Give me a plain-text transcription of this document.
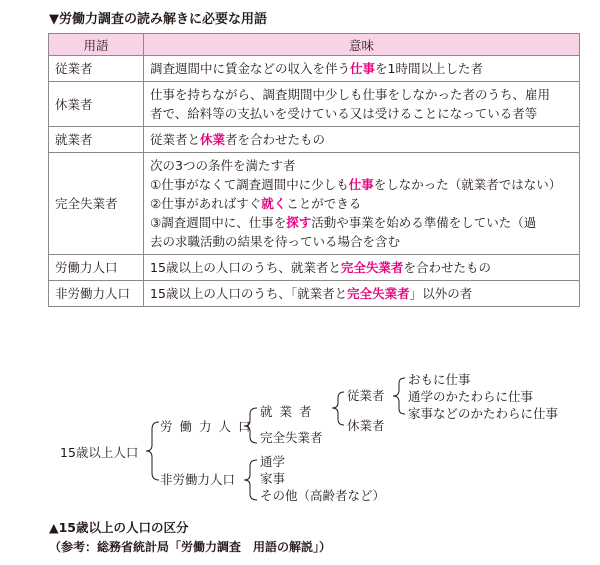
▼労働力調査の読み解きに必要な用語
用語	意味
従業者	調査週間中に賃金などの収入を伴う仕事を1時間以上した者

休業者	仕事を持ちながら、調査期間中少しも仕事をしなかった者のうち、雇用
者で、給料等の支払いを受けている又は受けることになっている者等

就業者	従業者と休業者を合わせたもの

完全失業者	次の3つの条件を満たす者
①仕事がなくて調査週間中に少しも仕事をしなかった（就業者ではない）
②仕事があればすぐ就くことができる
③調査週間中に、仕事を探す活動や事業を始める準備をしていた（過
去の求職活動の結果を待っている場合を含む

労働力人口	15歳以上の人口のうち、就業者と完全失業者を合わせたもの

非労働力人口	15歳以上の人口のうち、「就業者と完全失業者」以外の者
15歳以上人口
労働力人口
就業者
完全失業者
従業者
休業者
おもに仕事
通学のかたわらに仕事
家事などのかたわらに仕事
非労働力人口
通学
家事
その他（高齢者など）
▲15歳以上の人口の区分
（参考：総務省統計局「労働力調査　用語の解説」）
